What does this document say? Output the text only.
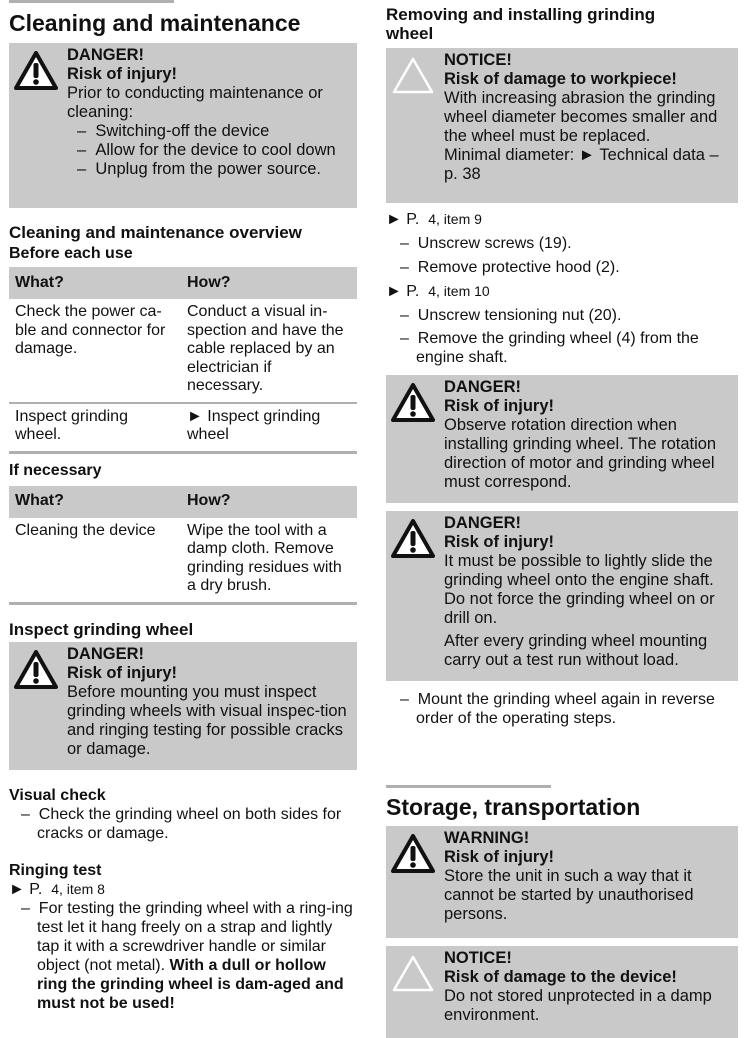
Cleaning and maintenance

DANGER!

Risk of injury!

Prior to conducting maintenance or cleaning:

– Switching-off the device

– Allow for the device to cool down

– Unplug from the power source.

Cleaning and maintenance overview
Before each use
What?	How?
Check the power ca-ble and connector for damage.	Conduct a visual in-spection and have the cable replaced by an electrician if necessary.
Inspect grinding wheel.	► Inspect grinding wheel
If necessary
What?	How?
Cleaning the device	Wipe the tool with a damp cloth. Remove grinding residues with a dry brush.
Inspect grinding wheel

DANGER!

Risk of injury!

Before mounting you must inspect grinding wheels with visual inspec-tion and ringing testing for possible cracks or damage.

Visual check

– Check the grinding wheel on both sides for cracks or damage.

Ringing test

► P. 4, item 8

– For testing the grinding wheel with a ring-ing test let it hang freely on a strap and lightly tap it with a screwdriver handle or similar object (not metal). With a dull or hollow ring the grinding wheel is dam-aged and must not be used!

Removing and installing grinding wheel

NOTICE!

Risk of damage to workpiece!

With increasing abrasion the grinding wheel diameter becomes smaller and the wheel must be replaced.

Minimal diameter: ► Technical data – p. 38

► P. 4, item 9

– Unscrew screws (19).

– Remove protective hood (2).

► P. 4, item 10

– Unscrew tensioning nut (20).

– Remove the grinding wheel (4) from the engine shaft.

DANGER!

Risk of injury!

Observe rotation direction when installing grinding wheel. The rotation direction of motor and grinding wheel must correspond.

DANGER!

Risk of injury!

It must be possible to lightly slide the grinding wheel onto the engine shaft. Do not force the grinding wheel on or drill on.

After every grinding wheel mounting carry out a test run without load.

– Mount the grinding wheel again in reverse order of the operating steps.

Storage, transportation

WARNING!

Risk of injury!

Store the unit in such a way that it cannot be started by unauthorised persons.

NOTICE!

Risk of damage to the device!

Do not stored unprotected in a damp environment.
